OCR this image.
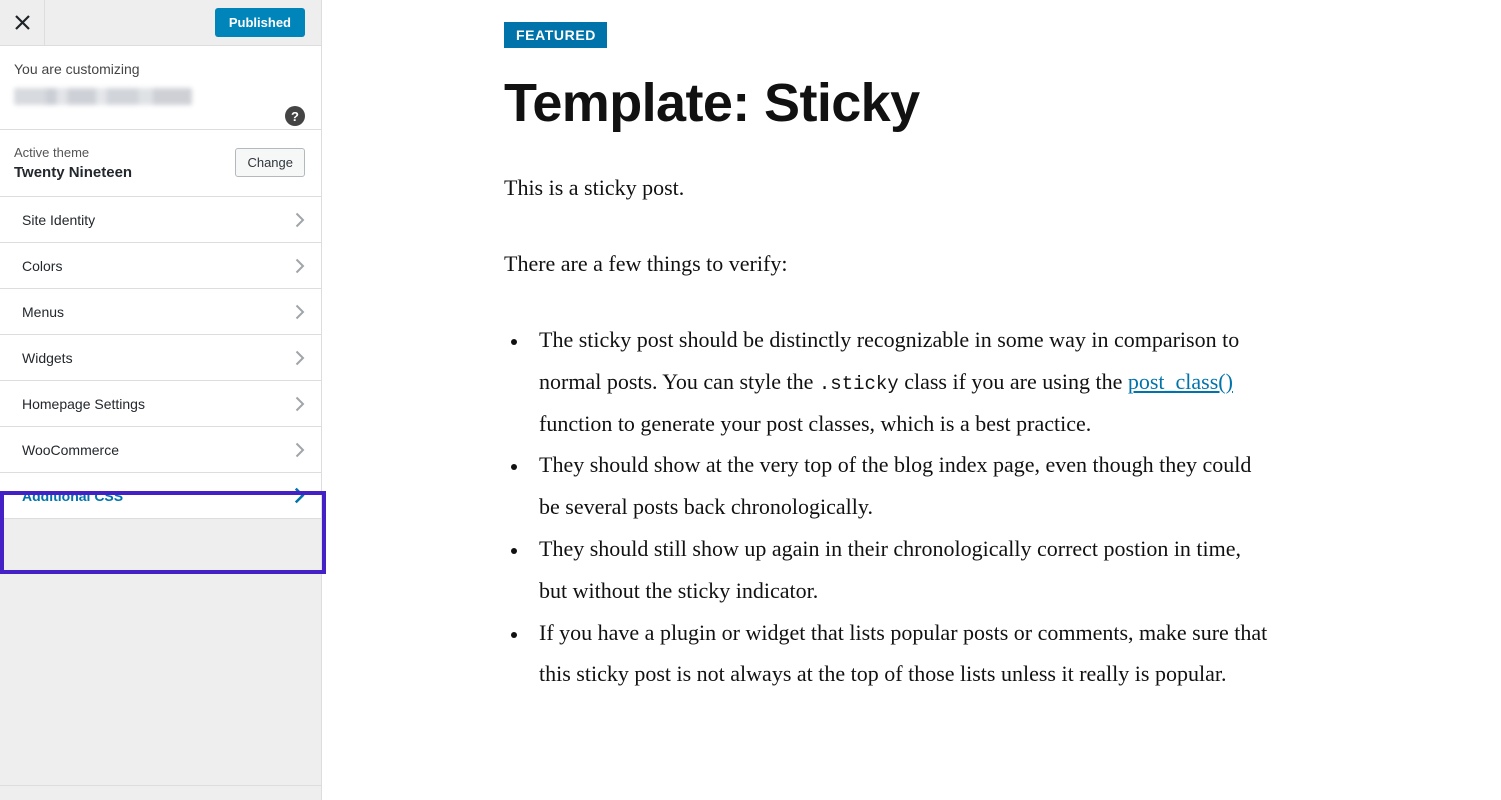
Published
You are customizing
?
Active theme
Twenty Nineteen
Change
Site Identity
Colors
Menus
Widgets
Homepage Settings
WooCommerce
Additional CSS
FEATURED
Template: Sticky

This is a sticky post.

There are a few things to verify:

• The sticky post should be distinctly recognizable in some way in comparison to normal posts. You can style the .sticky class if you are using the post_class() function to generate your post classes, which is a best practice.
• They should show at the very top of the blog index page, even though they could be several posts back chronologically.
• They should still show up again in their chronologically correct postion in time, but without the sticky indicator.
• If you have a plugin or widget that lists popular posts or comments, make sure that this sticky post is not always at the top of those lists unless it really is popular.
